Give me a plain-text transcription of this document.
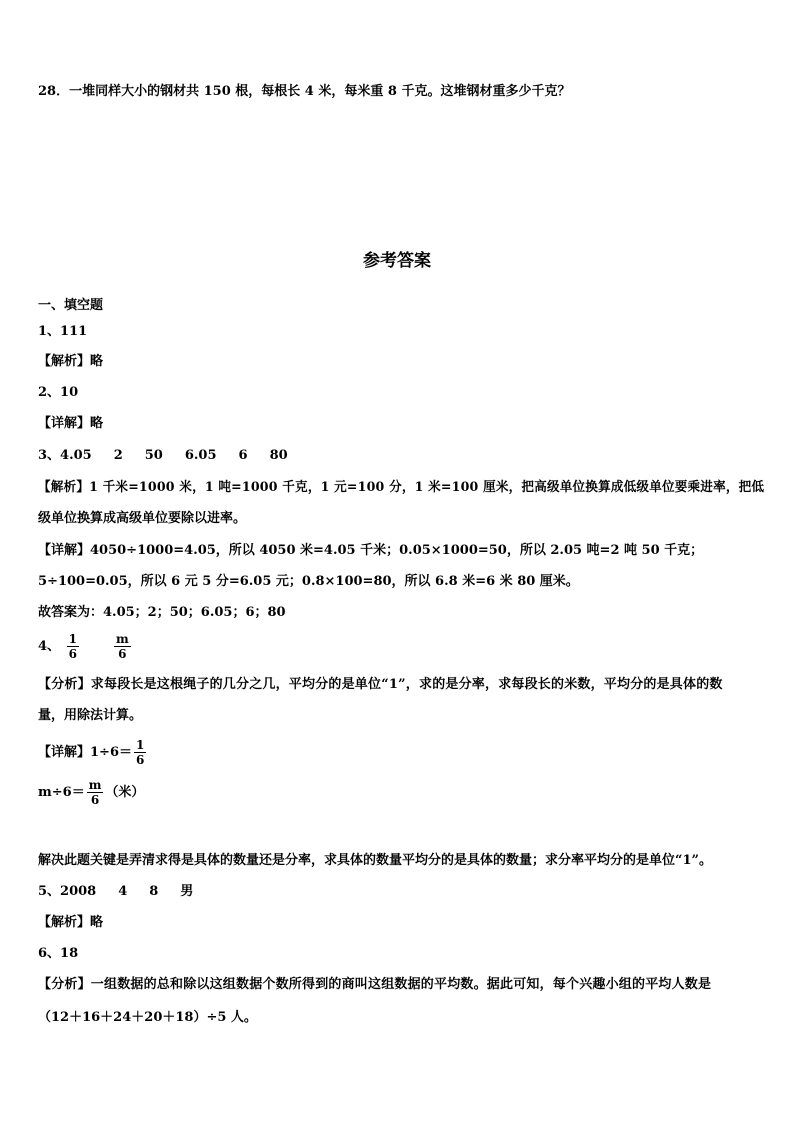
28．一堆同样大小的钢材共 150 根，每根长 4 米，每米重 8 千克。这堆钢材重多少千克？
参考答案
一、填空题
1、111
【解析】略
2、10
【详解】略
3、4.05 2 50 6.05 6 80
【解析】1 千米=1000 米，1 吨=1000 千克，1 元=100 分，1 米=100 厘米，把高级单位换算成低级单位要乘进率，把低
级单位换算成高级单位要除以进率。
【详解】4050÷1000=4.05，所以 4050 米=4.05 千米；0.05×1000=50，所以 2.05 吨=2 吨 50 千克；
5÷100=0.05，所以 6 元 5 分=6.05 元；0.8×100=80，所以 6.8 米=6 米 80 厘米。
故答案为：4.05；2；50；6.05；6；80
4、 $\frac{1}{6}$
	$\frac{m}{6}$
【分析】求每段长是这根绳子的几分之几，平均分的是单位“1”，求的是分率，求每段长的米数，平均分的是具体的数
量，用除法计算。
【详解】$1\div 6= \frac{1}{6}$
$m\div 6= \frac{m}{6}$ （米）
解决此题关键是弄清求得是具体的数量还是分率，求具体的数量平均分的是具体的数量；求分率平均分的是单位“1”。
5、2008 4 8 男
【解析】略
6、18
【分析】一组数据的总和除以这组数据个数所得到的商叫这组数据的平均数。据此可知，每个兴趣小组的平均人数是
（12＋16＋24＋20＋18）÷5 人。
